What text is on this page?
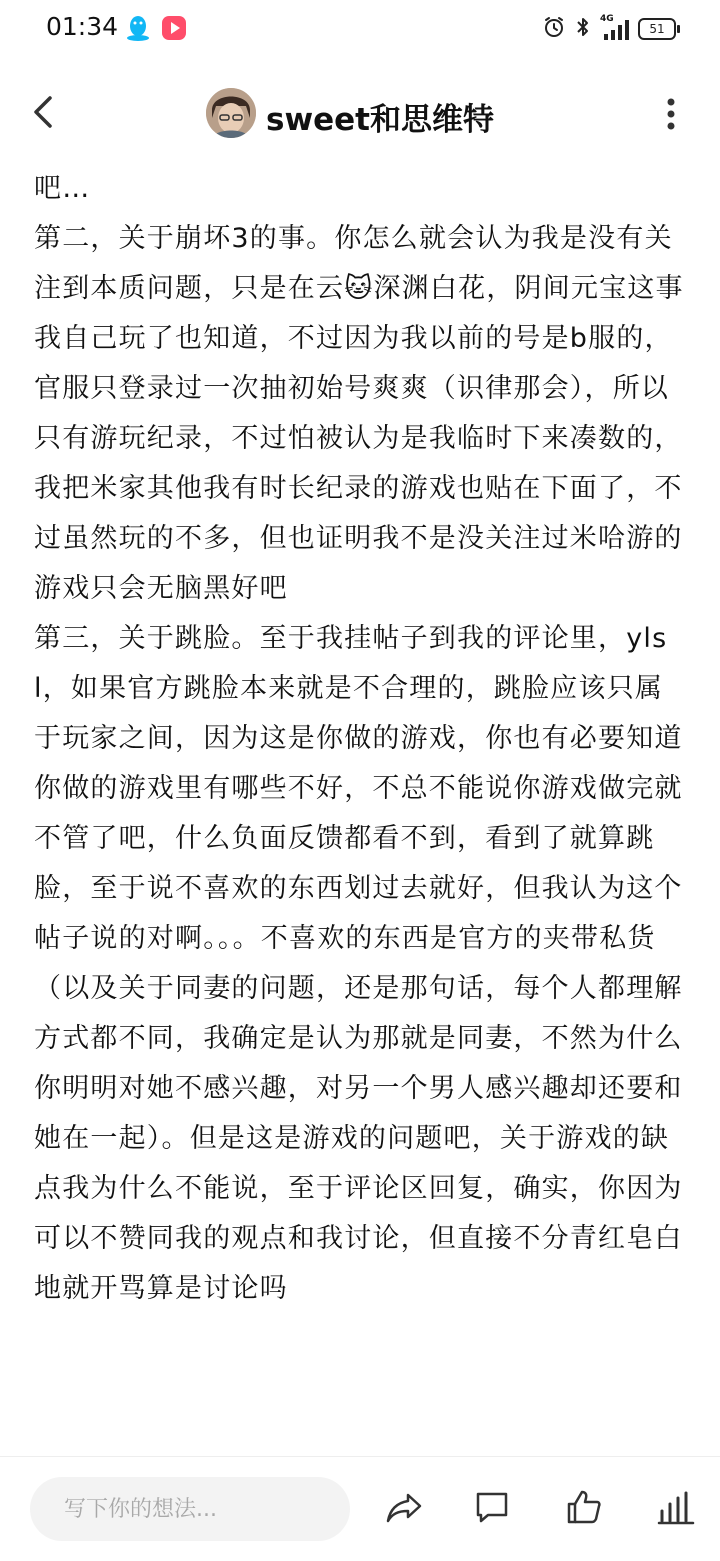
01:34	4G
51
sweet和思维特

吧…

第二，关于崩坏3的事。你怎么就会认为我是没有关注到本质问题，只是在云🐱深渊白花，阴间元宝这事我自己玩了也知道，不过因为我以前的号是b服的，官服只登录过一次抽初始号爽爽（识律那会），所以只有游玩纪录，不过怕被认为是我临时下来凑数的，我把米家其他我有时长纪录的游戏也贴在下面了，不过虽然玩的不多，但也证明我不是没关注过米哈游的游戏只会无脑黑好吧

第三，关于跳脸。至于我挂帖子到我的评论里，ylsl，如果官方跳脸本来就是不合理的，跳脸应该只属于玩家之间，因为这是你做的游戏，你也有必要知道你做的游戏里有哪些不好，不总不能说你游戏做完就不管了吧，什么负面反馈都看不到，看到了就算跳脸，至于说不喜欢的东西划过去就好，但我认为这个帖子说的对啊。。。不喜欢的东西是官方的夹带私货（以及关于同妻的问题，还是那句话，每个人都理解方式都不同，我确定是认为那就是同妻，不然为什么你明明对她不感兴趣，对另一个男人感兴趣却还要和她在一起）。但是这是游戏的问题吧，关于游戏的缺点我为什么不能说，至于评论区回复，确实，你因为可以不赞同我的观点和我讨论，但直接不分青红皂白地就开骂算是讨论吗

写下你的想法...
